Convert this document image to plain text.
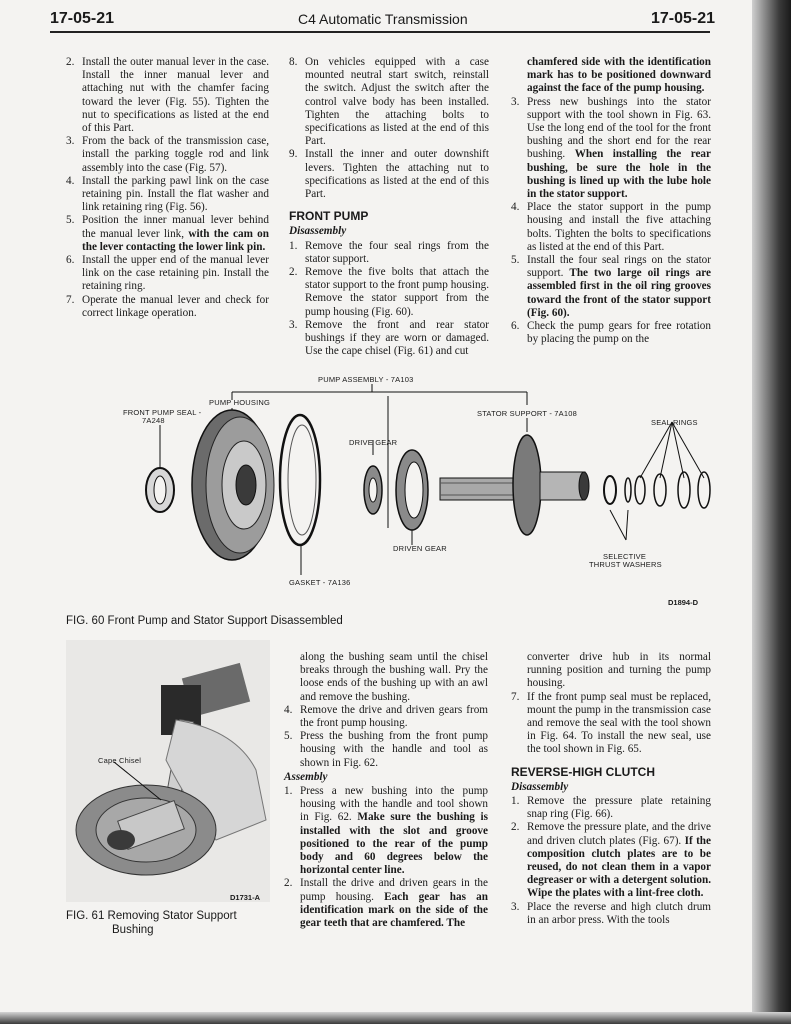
17-05-21	C4 Automatic Transmission	17-05-21
2. Install the outer manual lever in the case. Install the inner manual lever and attaching nut with the chamfer facing toward the lever (Fig. 55). Tighten the nut to specifications as listed at the end of this Part.
3. From the back of the transmission case, install the parking toggle rod and link assembly into the case (Fig. 57).
4. Install the parking pawl link on the case retaining pin. Install the flat washer and link retaining ring (Fig. 56).
5. Position the inner manual lever behind the manual lever link, with the cam on the lever contacting the lower link pin.
6. Install the upper end of the manual lever link on the case retaining pin. Install the retaining ring.
7. Operate the manual lever and check for correct linkage operation.
8. On vehicles equipped with a case mounted neutral start switch, reinstall the switch. Adjust the switch after the control valve body has been installed. Tighten the attaching bolts to specifications as listed at the end of this Part.
9. Install the inner and outer downshift levers. Tighten the attaching nut to specifications as listed at the end of this Part.
FRONT PUMP
Disassembly
1. Remove the four seal rings from the stator support.
2. Remove the five bolts that attach the stator support to the front pump housing. Remove the stator support from the pump housing (Fig. 60).
3. Remove the front and rear stator bushings if they are worn or damaged. Use the cape chisel (Fig. 61) and cut

chamfered side with the identification mark has to be positioned downward against the face of the pump housing.

3. Press new bushings into the stator support with the tool shown in Fig. 63. Use the long end of the tool for the front bushing and the short end for the rear bushing. When installing the rear bushing, be sure the hole in the bushing is lined up with the lube hole in the stator support.
4. Place the stator support in the pump housing and install the five attaching bolts. Tighten the bolts to specifications as listed at the end of this Part.
5. Install the four seal rings on the stator support. The two large oil rings are assembled first in the oil ring grooves toward the front of the stator support (Fig. 60).
6. Check the pump gears for free rotation by placing the pump on the
PUMP ASSEMBLY - 7A103
PUMP HOUSING
FRONT PUMP SEAL -
7A248
STATOR SUPPORT - 7A108
SEAL RINGS
DRIVE GEAR
DRIVEN GEAR
SELECTIVE
THRUST WASHERS
GASKET - 7A136
D1894-D
FIG. 60 Front Pump and Stator Support Disassembled
Cape Chisel
D1731-A
FIG. 61 Removing Stator Support
Bushing

along the bushing seam until the chisel breaks through the bushing wall. Pry the loose ends of the bushing up with an awl and remove the bushing.

4. Remove the drive and driven gears from the front pump housing.
5. Press the bushing from the front pump housing with the handle and tool as shown in Fig. 62.
Assembly
1. Press a new bushing into the pump housing with the handle and tool shown in Fig. 62. Make sure the bushing is installed with the slot and groove positioned to the rear of the pump body and 60 degrees below the horizontal center line.
2. Install the drive and driven gears in the pump housing. Each gear has an identification mark on the side of the gear teeth that are chamfered. The

converter drive hub in its normal running position and turning the pump housing.

7. If the front pump seal must be replaced, mount the pump in the transmission case and remove the seal with the tool shown in Fig. 64. To install the new seal, use the tool shown in Fig. 65.
REVERSE-HIGH CLUTCH
Disassembly
1. Remove the pressure plate retaining snap ring (Fig. 66).
2. Remove the pressure plate, and the drive and driven clutch plates (Fig. 67). If the composition clutch plates are to be reused, do not clean them in a vapor degreaser or with a detergent solution. Wipe the plates with a lint-free cloth.
3. Place the reverse and high clutch drum in an arbor press. With the tools
